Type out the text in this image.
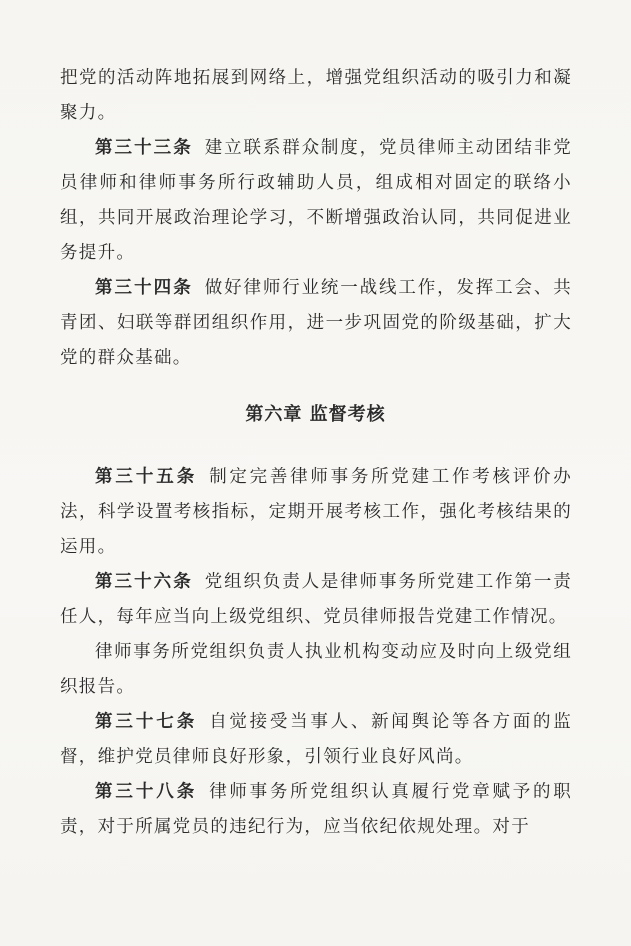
把党的活动阵地拓展到网络上，增强党组织活动的吸引力和凝聚力。

第三十三条 建立联系群众制度，党员律师主动团结非党员律师和律师事务所行政辅助人员，组成相对固定的联络小组，共同开展政治理论学习，不断增强政治认同，共同促进业务提升。

第三十四条 做好律师行业统一战线工作，发挥工会、共青团、妇联等群团组织作用，进一步巩固党的阶级基础，扩大党的群众基础。

第六章 监督考核

第三十五条 制定完善律师事务所党建工作考核评价办法，科学设置考核指标，定期开展考核工作，强化考核结果的运用。

第三十六条 党组织负责人是律师事务所党建工作第一责任人，每年应当向上级党组织、党员律师报告党建工作情况。

律师事务所党组织负责人执业机构变动应及时向上级党组织报告。

第三十七条 自觉接受当事人、新闻舆论等各方面的监督，维护党员律师良好形象，引领行业良好风尚。

第三十八条 律师事务所党组织认真履行党章赋予的职责，对于所属党员的违纪行为，应当依纪依规处理。对于
